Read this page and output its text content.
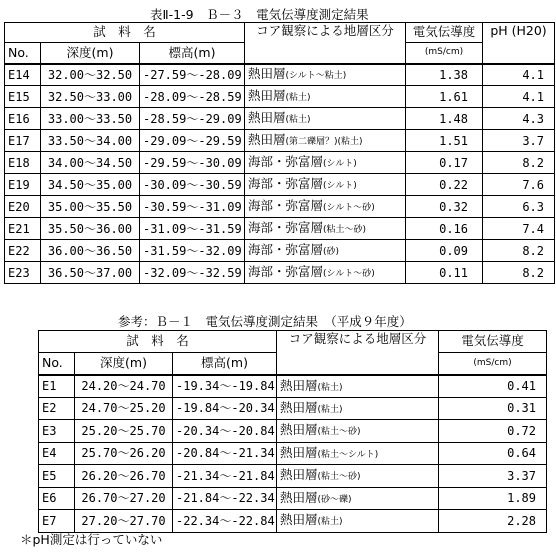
表Ⅱ-1-9　Ｂ－３　電気伝導度測定結果
試　料　名			コア観察による地層区分	電気伝導度	pH (H20)
No.	深度(m)	標高(m)		(mS/cm)	
E14	32.00～32.50	-27.59～-28.09	熱田層(シルト～粘土)	1.38	4.1
E15	32.50～33.00	-28.09～-28.59	熱田層(粘土)	1.61	4.1
E16	33.00～33.50	-28.59～-29.09	熱田層(粘土)	1.48	4.3
E17	33.50～34.00	-29.09～-29.59	熱田層(第二礫層？)(粘土)	1.51	3.7
E18	34.00～34.50	-29.59～-30.09	海部・弥富層(シルト)	0.17	8.2
E19	34.50～35.00	-30.09～-30.59	海部・弥富層(シルト)	0.22	7.6
E20	35.00～35.50	-30.59～-31.09	海部・弥富層(シルト～砂)	0.32	6.3
E21	35.50～36.00	-31.09～-31.59	海部・弥富層(粘土～砂)	0.16	7.4
E22	36.00～36.50	-31.59～-32.09	海部・弥富層(砂)	0.09	8.2
E23	36.50～37.00	-32.09～-32.59	海部・弥富層(シルト～砂)	0.11	8.2
参考：Ｂ－１　電気伝導度測定結果　（平成９年度）
試　料　名			コア観察による地層区分	電気伝導度
No.	深度(m)	標高(m)		(mS/cm)
E1	24.20～24.70	-19.34～-19.84	熱田層(粘土)	0.41
E2	24.70～25.20	-19.84～-20.34	熱田層(粘土)	0.31
E3	25.20～25.70	-20.34～-20.84	熱田層(粘土～砂)	0.72
E4	25.70～26.20	-20.84～-21.34	熱田層(粘土～シルト)	0.64
E5	26.20～26.70	-21.34～-21.84	熱田層(粘土～砂)	3.37
E6	26.70～27.20	-21.84～-22.34	熱田層(砂～礫)	1.89
E7	27.20～27.70	-22.34～-22.84	熱田層(粘土)	2.28
＊pH測定は行っていない
